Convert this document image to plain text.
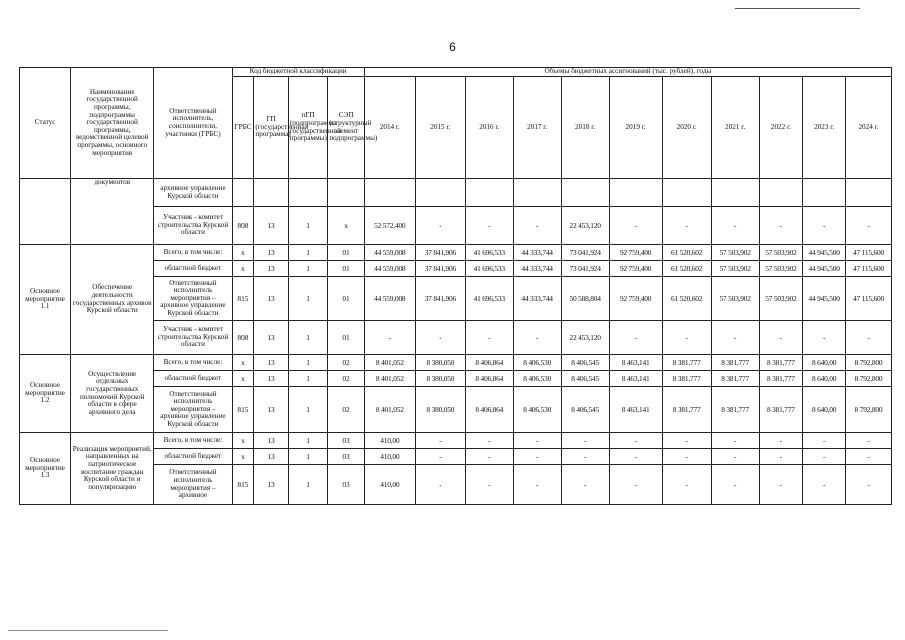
6
Статус	Наименование государственной программы, подпрограммы государственной программы, ведомственной целевой программы, основного мероприятия	Ответственный исполнитель, соисполнители, участники (ГРБС)	Код бюджетной классификации				Объемы бюджетных ассигнований (тыс. рублей), годы										
			ГРБС	ГП (государственная программа)	пГП (подпрограмма государственной программы)	СЭП (структурный элемент подпрограммы)	2014 г.	2015 г.	2016 г.	2017 г.	2018 г.	2019 г.	2020 г.	2021 г.	2022 г.	2023 г.	2024 г.
	документов	архивное управление Курской области															
		Участник - комитет строительства Курской области	808	13	1	х	52 572,400	-	-	-	22 453,120	-	-	-	-	-	-
Основное мероприятие 1.1	Обеспечение деятельности государственных архивов Курской области	Всего, в том числе:	х	13	1	01	44 559,008	37 841,906	41 696,533	44 333,744	73 041,924	92 759,400	61 520,602	57 503,902	57 503,902	44 945,500	47 115,600
		областной бюджет	х	13	1	01	44 559,008	37 841,906	41 696,533	44 333,744	73 041,924	92 759,400	61 520,602	57 503,902	57 503,902	44 945,500	47 115,600
		Ответственный исполнитель мероприятия – архивное управление Курской области	815	13	1	01	44 559,008	37 841,906	41 696,533	44 333,744	50 588,804	92 759,400	61 520,602	57 503,902	57 503,902	44 945,500	47 115,600
		Участник - комитет строительства Курской области	808	13	1	01	-	-	-	-	22 453,120	-	-	-	-	-	-
Основное мероприятие 1.2	Осуществление отдельных государственных полномочий Курской области в сфере архивного дела	Всего, в том числе:	х	13	1	02	8 401,052	8 380,050	8 406,864	8 406,530	8 406,545	8 463,141	8 381,777	8 381,777	8 381,777	8 640,00	8 792,800
		областной бюджет	х	13	1	02	8 401,052	8 380,050	8 406,864	8 406,530	8 406,545	8 463,141	8 381,777	8 381,777	8 381,777	8 640,00	8 792,800
		Ответственный исполнитель мероприятия – архивное управление Курской области	815	13	1	02	8 401,052	8 380,050	8 406,864	8 406,530	8 406,545	8 463,141	8 381,777	8 381,777	8 381,777	8 640,00	8 792,800
Основное мероприятие 1.3	Реализация мероприятий, направленных на патриотическое воспитание граждан Курской области и популяризацию	Всего, в том числе:	х	13	1	03	410,00	-	-	-	-	-	-	-	-	-	-
		областной бюджет	х	13	1	03	410,00	-	-	-	-	-	-	-	-	-	-
		Ответственный исполнитель мероприятия – архивное	815	13	1	03	410,00	-	-	-	-	-	-	-	-	-	-
